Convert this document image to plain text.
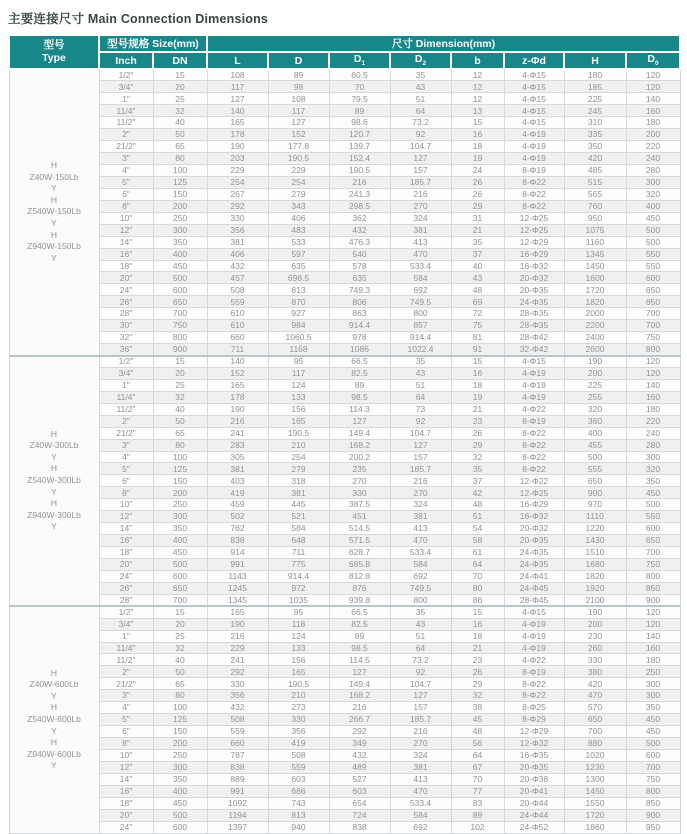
主要连接尺寸 Main Connection Dimensions
型号
Type	型号规格 Size(mm)		尺寸 Dimension(mm)							
	Inch	DN	L	D	$D_1$	$D_2$	b	z-Φd	H	$D_0$

H
Z40W-150Lb
Y
H
Z540W-150Lb
Y
H
Z940W-150Lb
Y
	1/2"	15	108	89	60.5	35	12	4-Φ15	180	120
	3/4"	20	117	98	70	43	12	4-Φ15	185	120
	1"	25	127	108	79.5	51	12	4-Φ15	225	140
	11/4"	32	140	117	89	64	13	4-Φ15	245	160
	11/2"	40	165	127	98.6	73.2	15	4-Φ15	310	180
	2"	50	178	152	120.7	92	16	4-Φ19	335	200
	21/2"	65	190	177.8	139.7	104.7	18	4-Φ19	350	220
	3"	80	203	190.5	152.4	127	19	4-Φ19	420	240
	4"	100	229	229	190.5	157	24	8-Φ19	485	280
	5"	125	254	254	216	185.7	26	8-Φ22	515	300
	6"	150	267	279	241.3	216	26	8-Φ22	565	320
	8"	200	292	343	298.5	270	29	8-Φ22	760	400
	10"	250	330	406	362	324	31	12-Φ25	950	450
	12"	300	356	483	432	381	21	12-Φ25	1075	500
	14"	350	381	533	476.3	413	35	12-Φ29	1160	500
	16"	400	406	597	540	470	37	16-Φ29	1345	550
	18"	450	432	635	578	533.4	40	16-Φ32	1450	550
	20"	500	457	698.5	635	584	43	20-Φ32	1600	600
	24"	600	508	813	749.3	692	48	20-Φ35	1720	650
	26"	650	559	870	806	749.5	69	24-Φ35	1820	650
	28"	700	610	927	863	800	72	28-Φ35	2000	700
	30"	750	610	984	914.4	857	75	28-Φ35	2200	700
	32"	800	660	1060.5	978	914.4	81	28-Φ42	2400	750
	36"	900	711	1168	1086	1022.4	91	32-Φ42	2600	800

H
Z40W-300Lb
Y
H
Z540W-300Lb
Y
H
Z940W-300Lb
Y
	1/2"	15	140	95	66.5	35	15	4-Φ15	190	120
	3/4"	20	152	117	82.5	43	16	4-Φ19	200	120
	1"	25	165	124	89	51	18	4-Φ19	225	140
	11/4"	32	178	133	98.5	64	19	4-Φ19	255	160
	11/2"	40	190	156	114.3	73	21	4-Φ22	320	180
	2"	50	216	165	127	92	23	8-Φ19	360	220
	21/2"	65	241	190.5	149.4	104.7	26	8-Φ22	400	240
	3"	80	283	210	168.2	127	29	8-Φ22	455	280
	4"	100	305	254	200.2	157	32	8-Φ22	500	300
	5"	125	381	279	235	185.7	35	8-Φ22	555	320
	6"	150	403	318	270	216	37	12-Φ22	650	350
	8"	200	419	381	330	270	42	12-Φ25	900	450
	10"	250	459	445	387.5	324	48	16-Φ29	970	500
	12"	300	502	521	451	381	51	16-Φ32	1110	550
	14"	350	762	584	514.5	413	54	20-Φ32	1220	600
	16"	400	838	648	571.5	470	58	20-Φ35	1430	650
	18"	450	914	711	628.7	533.4	61	24-Φ35	1510	700
	20"	500	991	775	685.8	584	64	24-Φ35	1680	750
	24"	600	1143	914.4	812.8	692	70	24-Φ41	1820	800
	26"	650	1245	972	876	749.5	80	24-Φ45	1920	850
	28"	700	1345	1035	939.8	800	86	28-Φ45	2100	900

H
Z40W-600Lb
Y
H
Z540W-600Lb
Y
H
Z940W-600Lb
Y
	1/2"	15	165	95	66.5	35	15	4-Φ15	190	120
	3/4"	20	190	118	82.5	43	16	4-Φ19	200	120
	1"	25	216	124	89	51	18	4-Φ19	230	140
	11/4"	32	229	133	98.5	64	21	4-Φ19	260	160
	11/2"	40	241	156	114.5	73.2	23	4-Φ22	330	180
	2"	50	292	165	127	92	26	8-Φ19	380	250
	21/2"	65	330	190.5	149.4	104.7	29	8-Φ22	420	300
	3"	80	356	210	168.2	127	32	8-Φ22	470	300
	4"	100	432	273	216	157	38	8-Φ25	570	350
	5"	125	508	330	266.7	185.7	45	8-Φ29	650	450
	6"	150	559	356	292	216	48	12-Φ29	700	450
	8"	200	660	419	349	270	56	12-Φ32	880	500
	10"	250	787	508	432	324	64	16-Φ35	1020	600
	12"	300	838	559	489	381	67	20-Φ35	1230	700
	14"	350	889	603	527	413	70	20-Φ38	1300	750
	16"	400	991	686	603	470	77	20-Φ41	1450	800
	18"	450	1092	743	654	533.4	83	20-Φ44	1550	850
	20"	500	1194	813	724	584	89	24-Φ44	1720	900
	24"	600	1397	940	838	692	102	24-Φ52	1860	950
